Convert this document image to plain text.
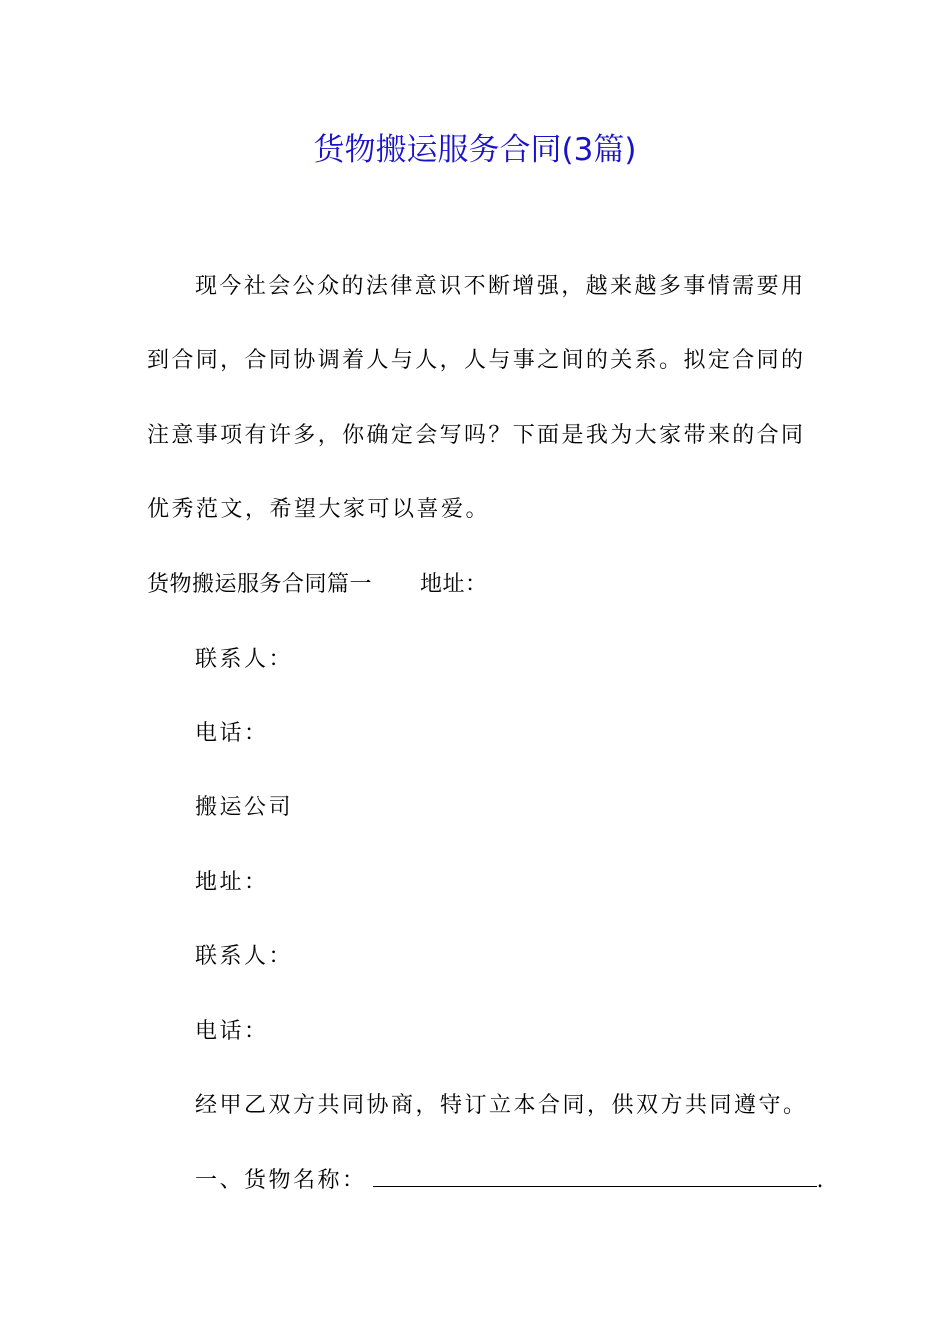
货物搬运服务合同(3篇)
现今社会公众的法律意识不断增强，越来越多事情需要用
到合同，合同协调着人与人，人与事之间的关系。拟定合同的
注意事项有许多，你确定会写吗？下面是我为大家带来的合同
优秀范文，希望大家可以喜爱。
货物搬运服务合同篇一 地址：
联系人：
电话：
搬运公司
地址：
联系人：
电话：
经甲乙双方共同协商，特订立本合同，供双方共同遵守。
一、货物名称：	.
